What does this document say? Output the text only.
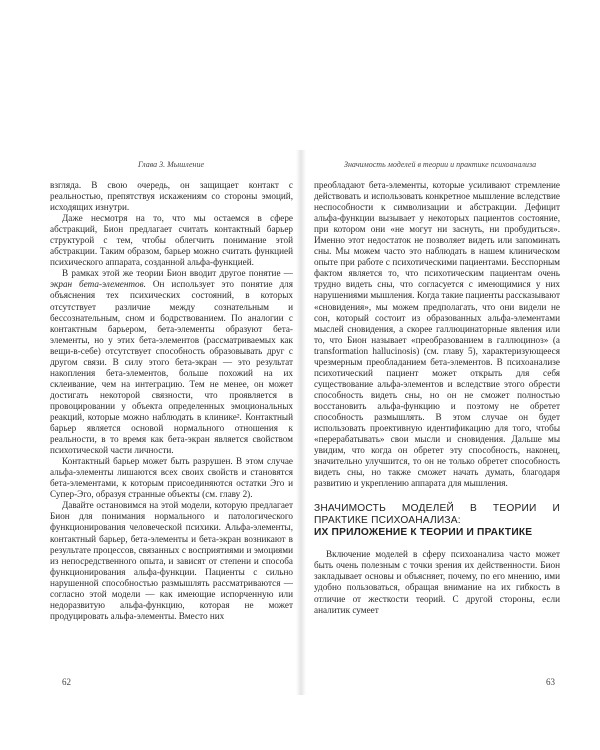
Глава 3. Мышление	Значимость моделей в теории и практике психоанализа

взгляда. В свою очередь, он защищает контакт с реальностью, препятствуя искажениям со стороны эмоций, исходящих изнутри.

Даже несмотря на то, что мы остаемся в сфере абстракций, Бион предлагает считать контактный барьер структурой с тем, чтобы облегчить понимание этой абстракции. Таким образом, барьер можно считать функцией психического аппарата, созданной альфа-функцией.

В рамках этой же теории Бион вводит другое понятие — экран бета-элементов. Он использует это понятие для объяснения тех психических состояний, в которых отсутствует различие между сознательным и бессознательным, сном и бодрствованием. По аналогии с контактным барьером, бета-элементы образуют бета-элементы, но у этих бета-элементов (рассматриваемых как вещи-в-себе) отсутствует способность образовывать друг с другом связи. В силу этого бета-экран — это результат накопления бета-элементов, больше похожий на их склеивание, чем на интеграцию. Тем не менее, он может достигать некоторой связности, что проявляется в провоцировании у объекта определенных эмоциональных реакций, которые можно наблюдать в клинике². Контактный барьер является основой нормального отношения к реальности, в то время как бета-экран является свойством психотической части личности.

Контактный барьер может быть разрушен. В этом случае альфа-элементы лишаются всех своих свойств и становятся бета-элементами, к которым присоединяются остатки Эго и Супер-Эго, образуя странные объекты (см. главу 2).

Давайте остановимся на этой модели, которую предлагает Бион для понимания нормального и патологического функционирования человеческой психики. Альфа-элементы, контактный барьер, бета-элементы и бета-экран возникают в результате процессов, связанных с восприятиями и эмоциями из непосредственного опыта, и зависят от степени и способа функционирования альфа-функции. Пациенты с сильно нарушенной способностью размышлять рассматриваются — согласно этой модели — как имеющие испорченную или недоразвитую альфа-функцию, которая не может продуцировать альфа-элементы. Вместо них

преобладают бета-элементы, которые усиливают стремление действовать и использовать конкретное мышление вследствие неспособности к символизации и абстракции. Дефицит альфа-функции вызывает у некоторых пациентов состояние, при котором они «не могут ни заснуть, ни пробудиться». Именно этот недостаток не позволяет видеть или запоминать сны. Мы можем часто это наблюдать в нашем клиническом опыте при работе с психотическими пациентами. Бесспорным фактом является то, что психотическим пациентам очень трудно видеть сны, что согласуется с имеющимися у них нарушениями мышления. Когда такие пациенты рассказывают «сновидения», мы можем предполагать, что они видели не сон, который состоит из образованных альфа-элементами мыслей сновидения, а скорее галлюцинаторные явления или то, что Бион называет «преобразованием в галлюциноз» (a transformation hallucinosis) (см. главу 5), характеризующееся чрезмерным преобладанием бета-элементов. В психоанализе психотический пациент может открыть для себя существование альфа-элементов и вследствие этого обрести способность видеть сны, но он не сможет полностью восстановить альфа-функцию и поэтому не обретет способность размышлять. В этом случае он будет использовать проективную идентификацию для того, чтобы «перерабатывать» свои мысли и сновидения. Дальше мы увидим, что когда он обретет эту способность, наконец, значительно улучшится, то он не только обретет способность видеть сны, но также сможет начать думать, благодаря развитию и укреплению аппарата для мышления.

ЗНАЧИМОСТЬ МОДЕЛЕЙ В ТЕОРИИ И ПРАКТИКЕ ПСИХОАНАЛИЗА:
ИХ ПРИЛОЖЕНИЕ К ТЕОРИИ И ПРАКТИКЕ

Включение моделей в сферу психоанализа часто может быть очень полезным с точки зрения их действенности. Бион закладывает основы и объясняет, почему, по его мнению, ими удобно пользоваться, обращая внимание на их гибкость в отличие от жесткости теорий. С другой стороны, если аналитик сумеет

62	63
